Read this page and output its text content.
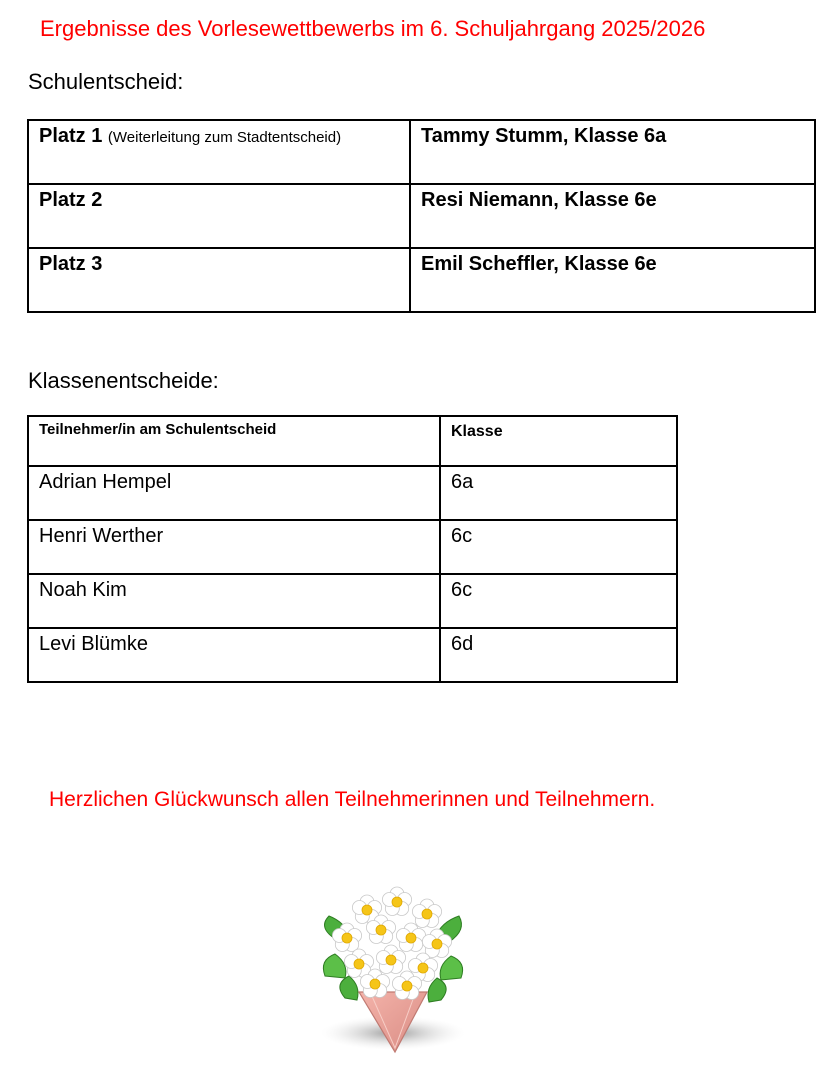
Ergebnisse des Vorlesewettbewerbs im 6. Schuljahrgang 2025/2026
Schulentscheid:
Platz 1 (Weiterleitung zum Stadtentscheid)	Tammy Stumm, Klasse 6a
Platz 2	Resi Niemann, Klasse 6e
Platz 3	Emil Scheffler, Klasse 6e
Klassenentscheide:
Teilnehmer/in am Schulentscheid	Klasse
Adrian Hempel	6a
Henri Werther	6c
Noah Kim	6c
Levi Blümke	6d
Herzlichen Glückwunsch allen Teilnehmerinnen und Teilnehmern.
